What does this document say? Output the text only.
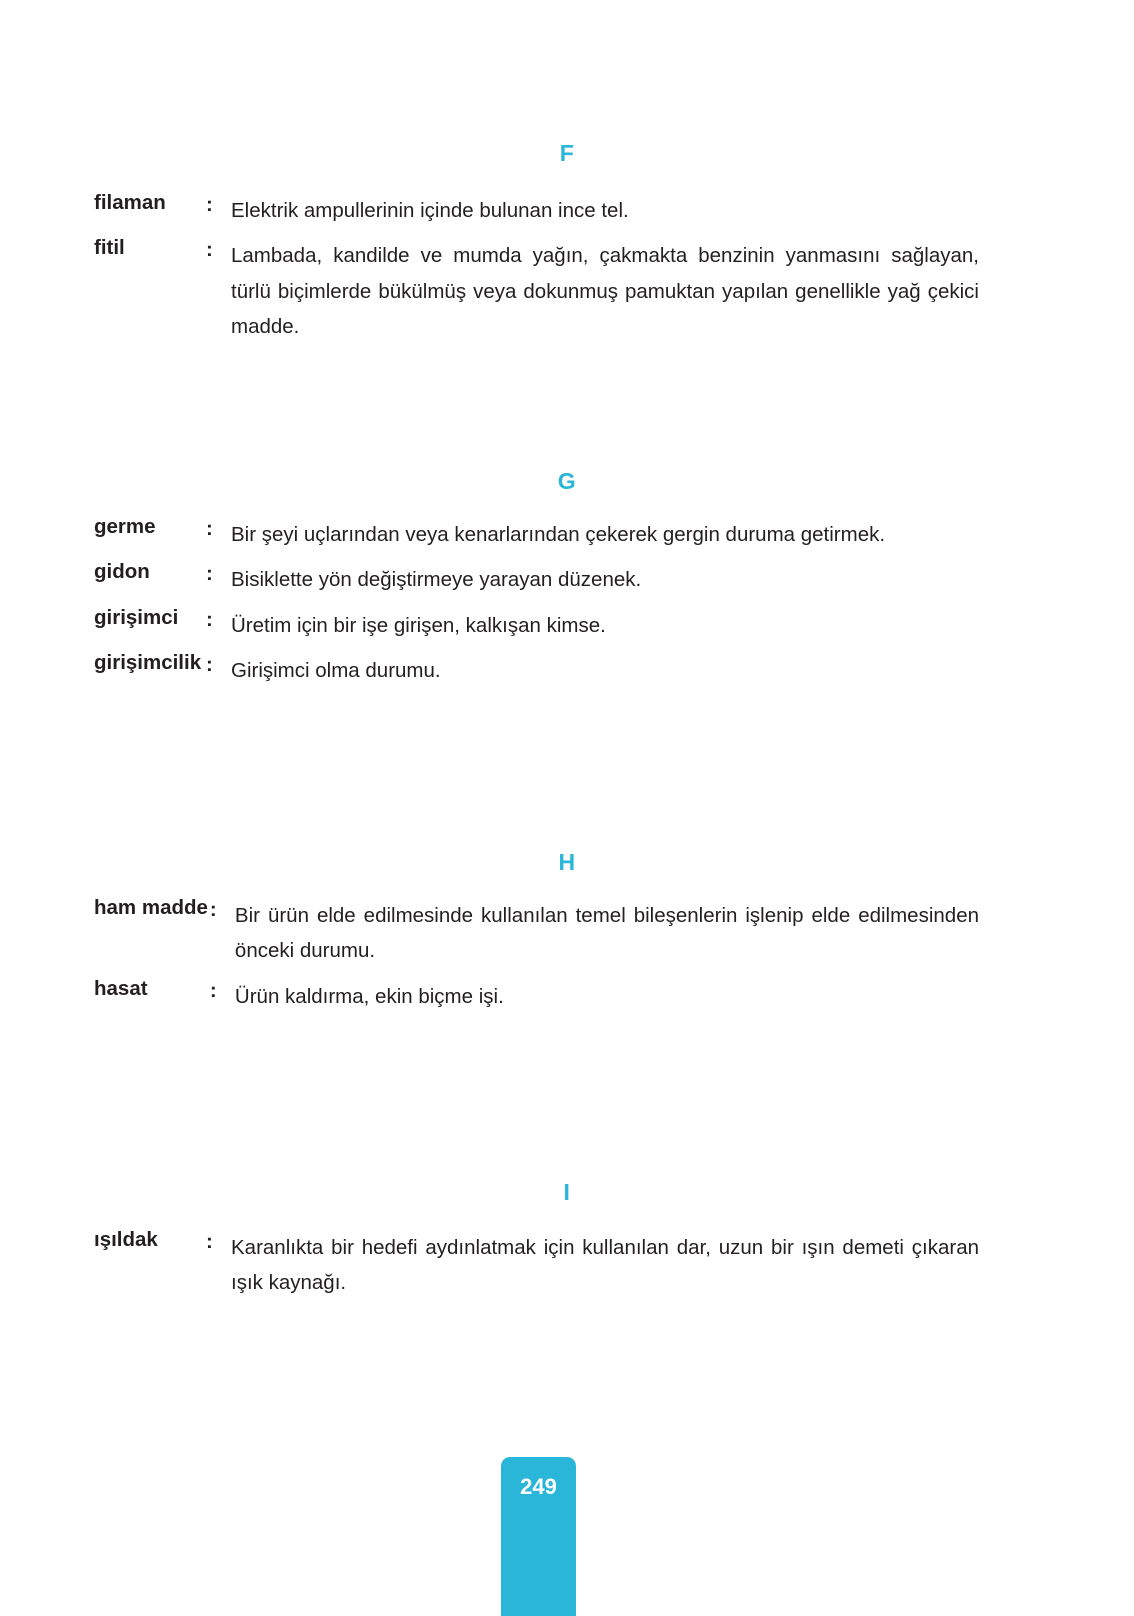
F
filaman	:	Elektrik ampullerinin içinde bulunan ince tel.
fitil	:	Lambada, kandilde ve mumda yağın, çakmakta benzinin yanmasını sağlayan, türlü biçimlerde bükülmüş veya dokunmuş pamuktan yapılan genellikle yağ çekici madde.
G
germe	:	Bir şeyi uçlarından veya kenarlarından çekerek gergin duruma getirmek.
gidon	:	Bisiklette yön değiştirmeye yarayan düzenek.
girişimci	:	Üretim için bir işe girişen, kalkışan kimse.
girişimcilik	:	Girişimci olma durumu.
H
ham madde	:	Bir ürün elde edilmesinde kullanılan temel bileşenlerin işlenip elde edilmesinden önceki durumu.
hasat	:	Ürün kaldırma, ekin biçme işi.
I
ışıldak	:	Karanlıkta bir hedefi aydınlatmak için kullanılan dar, uzun bir ışın demeti çıkaran ışık kaynağı.
249
